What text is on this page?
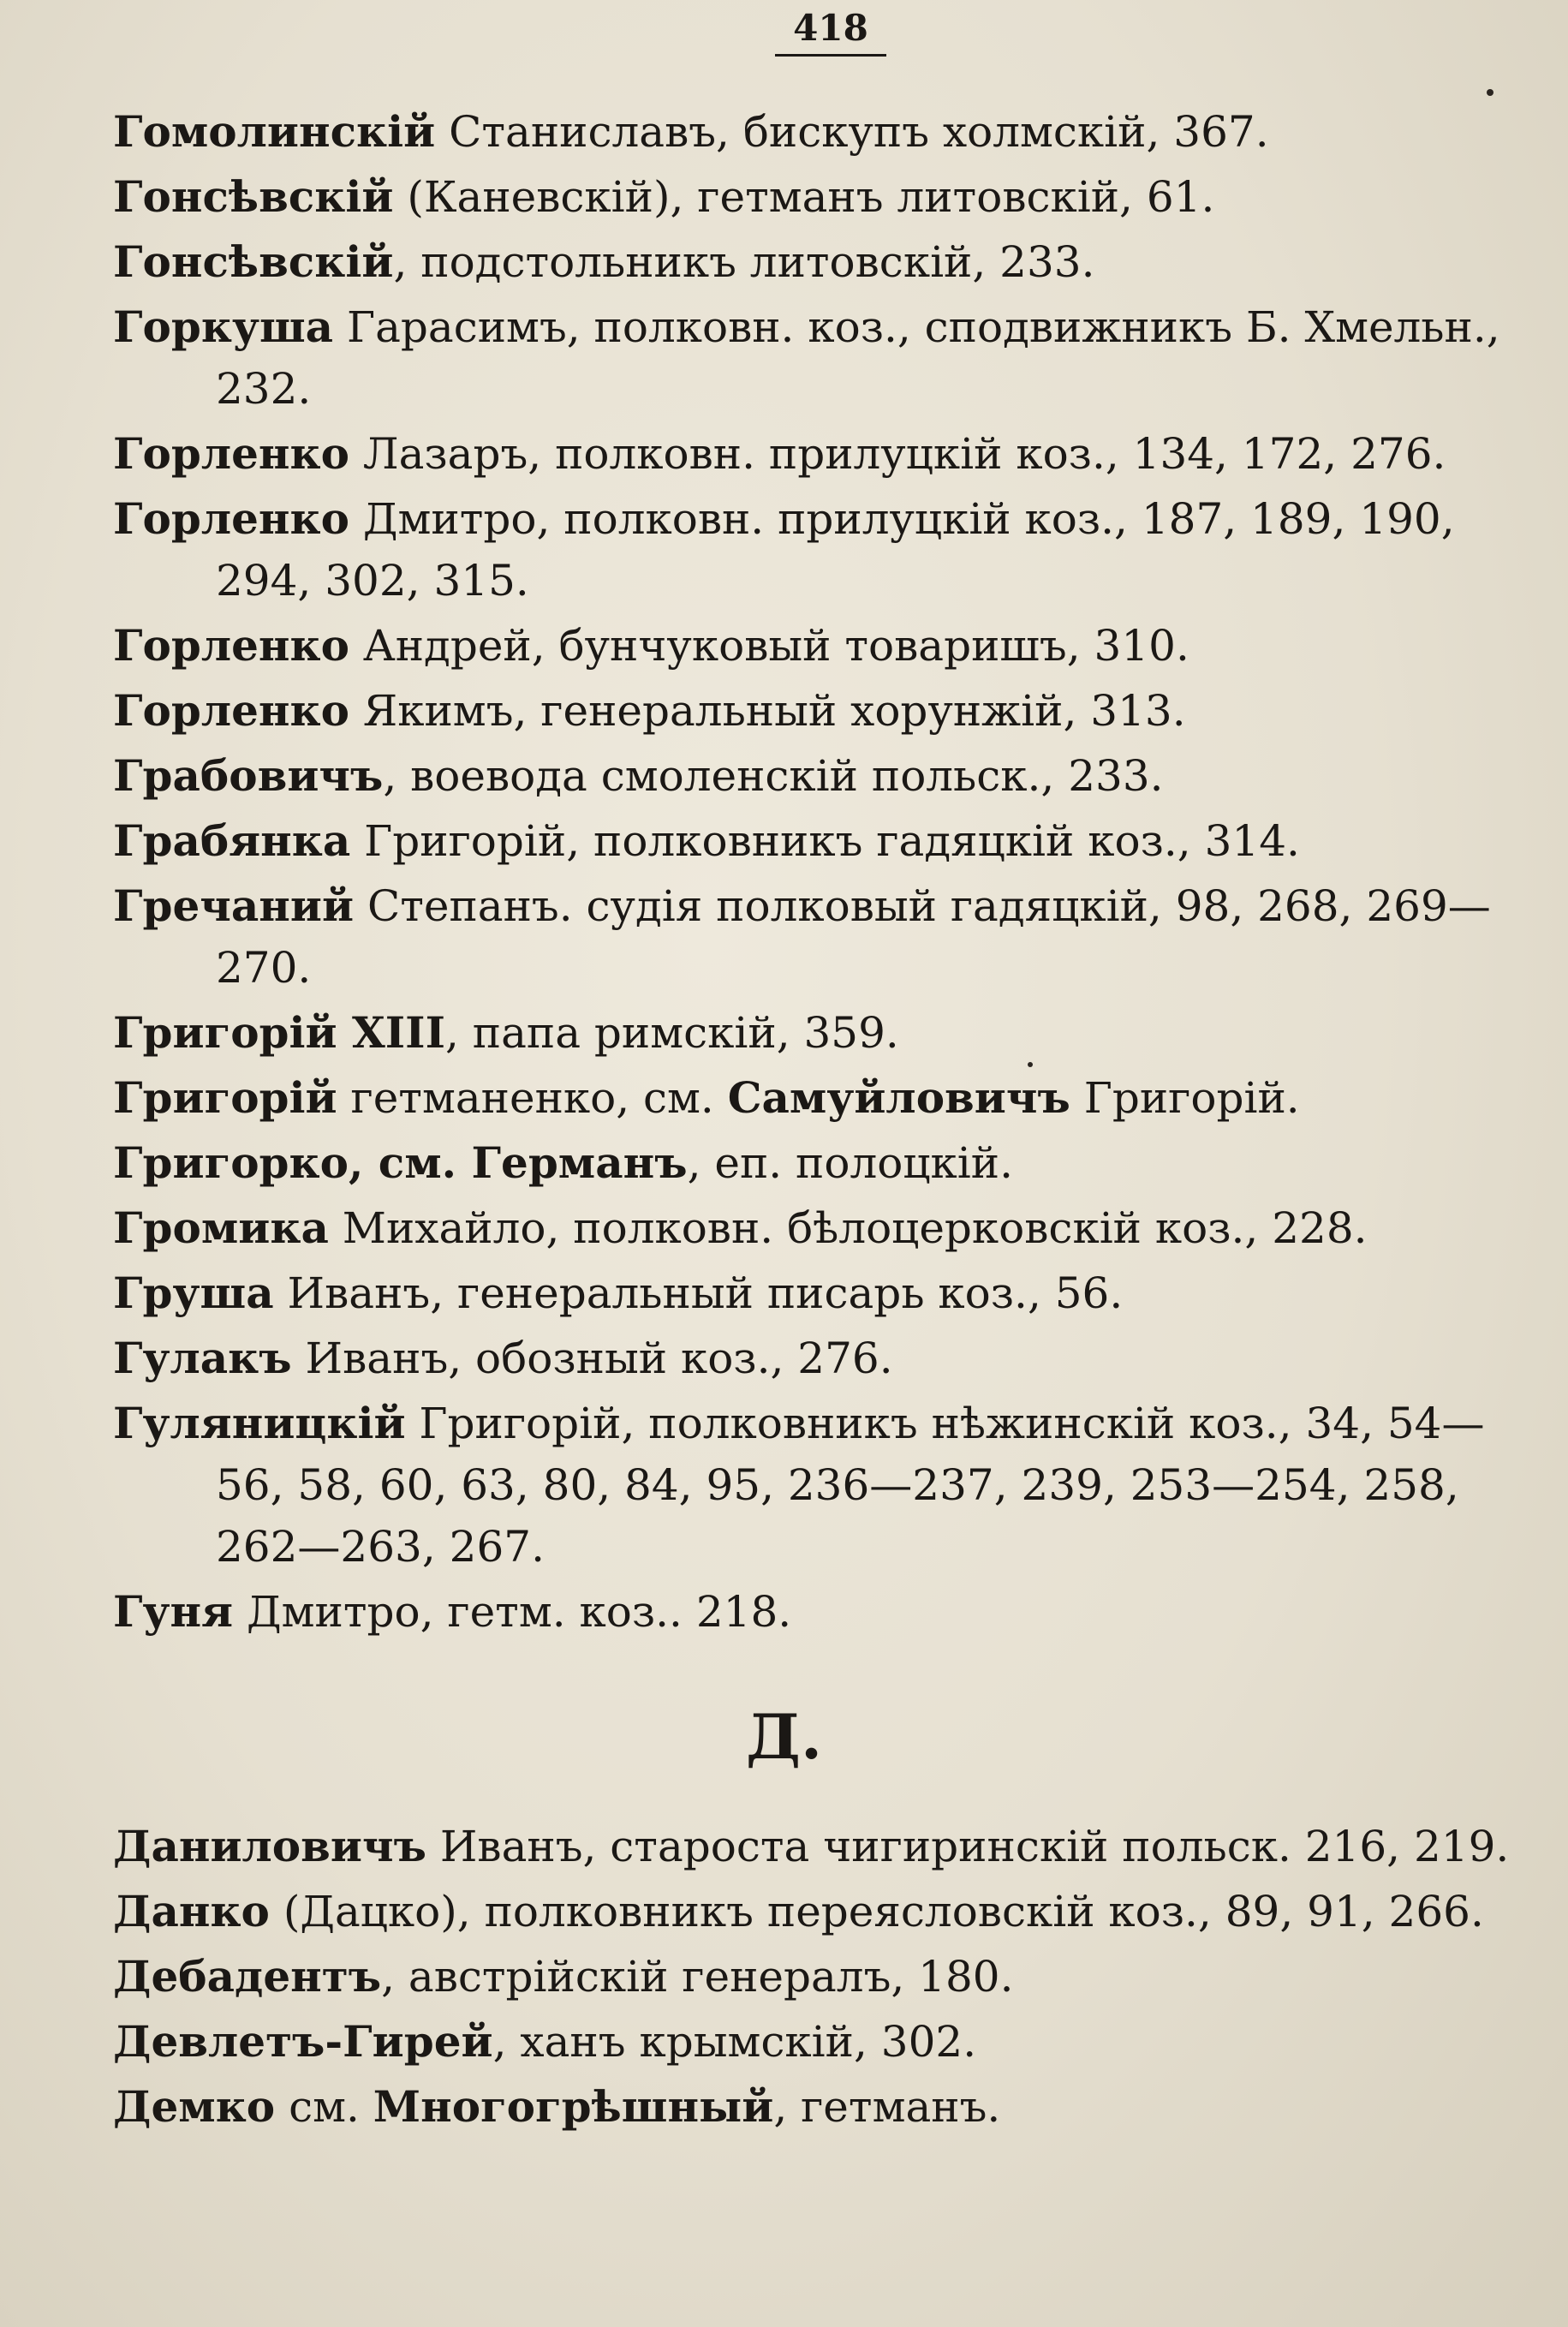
418
Гомолинскій Станиславъ, бискупъ холмскій, 367.
Гонсѣвскій (Каневскій), гетманъ литовскій, 61.
Гонсѣвскій, подстольникъ литовскій, 233.
Горкуша Гарасимъ, полковн. коз., сподвижникъ Б. Хмельн., 232.
Горленко Лазаръ, полковн. прилуцкій коз., 134, 172, 276.
Горленко Дмитро, полковн. прилуцкій коз., 187, 189, 190, 294, 302, 315.
Горленко Андрей, бунчуковый товаришъ, 310.
Горленко Якимъ, генеральный хорунжій, 313.
Грабовичъ, воевода смоленскій польск., 233.
Грабянка Григорій, полковникъ гадяцкій коз., 314.
Гречаний Степанъ. судія полковый гадяцкій, 98, 268, 269—270.
Григорій XIII, папа римскій, 359.
Григорій гетманенко, см. Самуйловичъ Григорій.
Григорко, см. Германъ, еп. полоцкій.
Громика Михайло, полковн. бѣлоцерковскій коз., 228.
Груша Иванъ, генеральный писарь коз., 56.
Гулакъ Иванъ, обозный коз., 276.
Гуляницкій Григорій, полковникъ нѣжинскій коз., 34, 54—56, 58, 60, 63, 80, 84, 95, 236—237, 239, 253—254, 258, 262—263, 267.
Гуня Дмитро, гетм. коз.. 218.
Д.
Даниловичъ Иванъ, староста чигиринскій польск. 216, 219.
Данко (Дацко), полковникъ переясловскій коз., 89, 91, 266.
Дебадентъ, австрійскій генералъ, 180.
Девлетъ-Гирей, ханъ крымскій, 302.
Демко см. Многогрѣшный, гетманъ.
